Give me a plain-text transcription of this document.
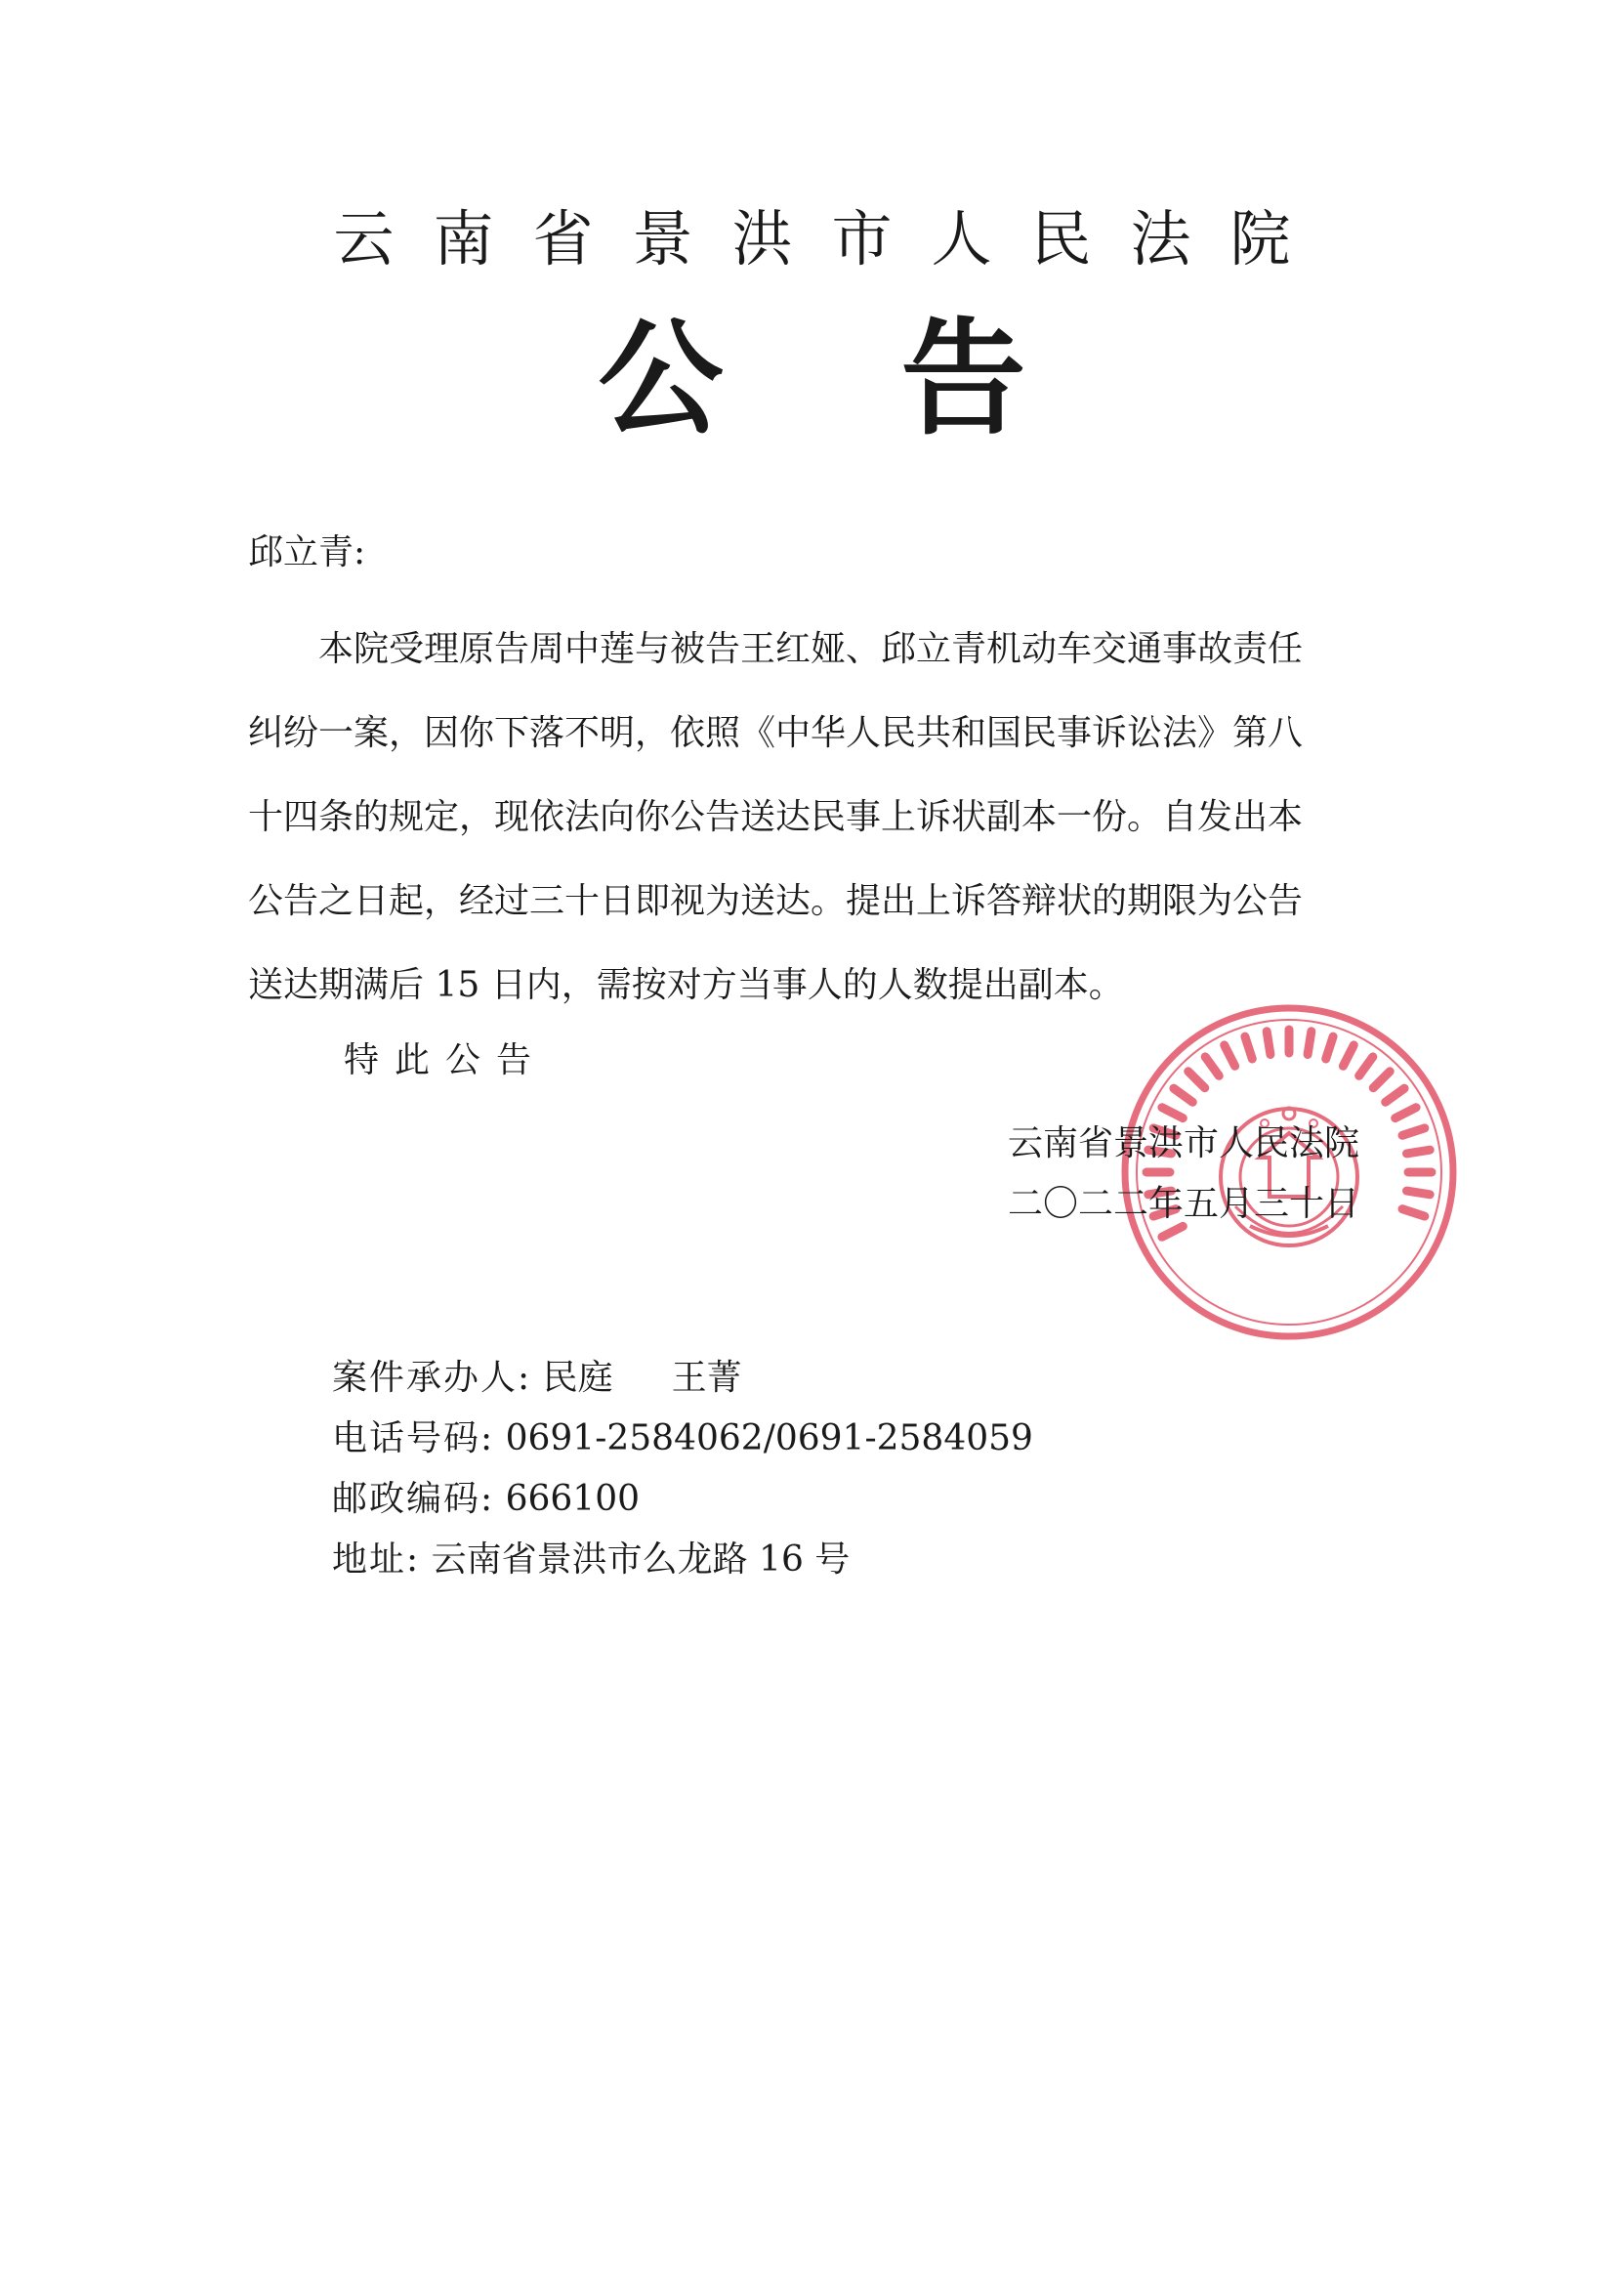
云南省景洪市人民法院
公 告
邱立青:
　　本院受理原告周中莲与被告王红娅、邱立青机动车交通事故责任
纠纷一案，因你下落不明，依照《中华人民共和国民事诉讼法》第八
十四条的规定，现依法向你公告送达民事上诉状副本一份。自发出本
公告之日起，经过三十日即视为送达。提出上诉答辩状的期限为公告
送达期满后 15 日内，需按对方当事人的人数提出副本。
特此公告
云南省景洪市人民法院
二〇二二年五月三十日
案件承办人: 民庭 王菁
电话号码: 0691-2584062/0691-2584059
邮政编码: 666100
地址: 云南省景洪市么龙路 16 号
